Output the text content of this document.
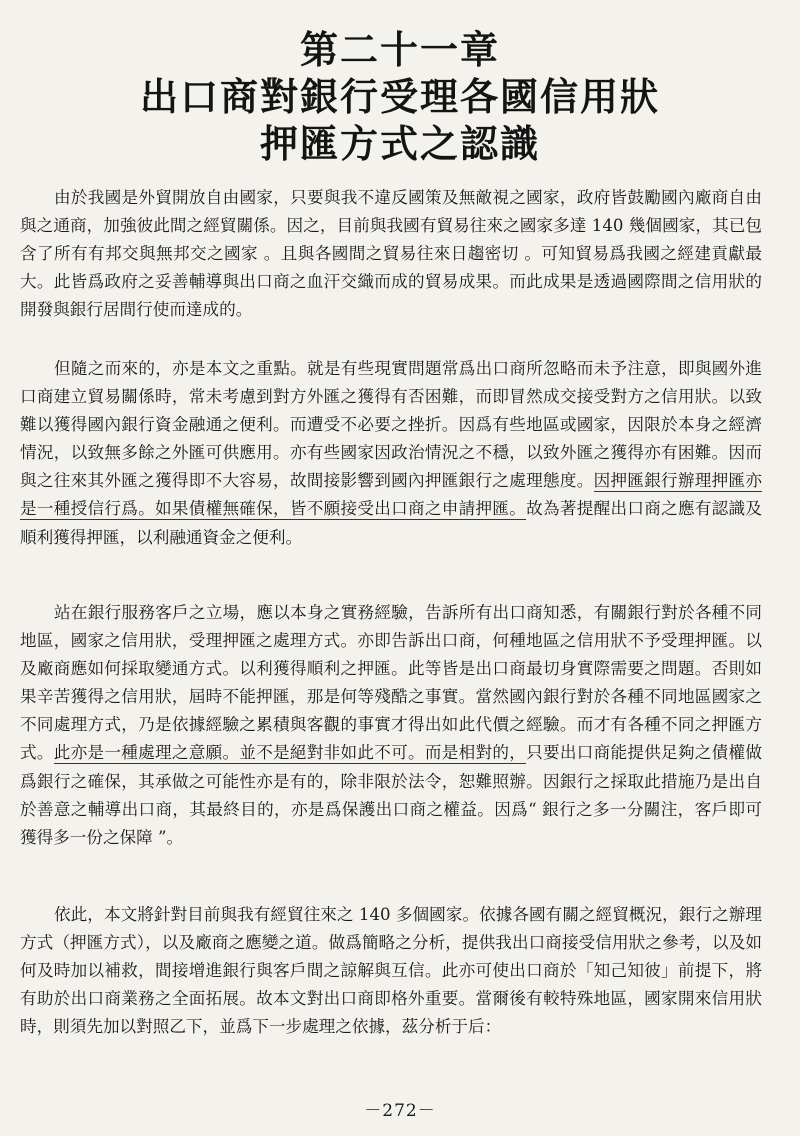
第二十一章
出口商對銀行受理各國信用狀
押匯方式之認識

由於我國是外貿開放自由國家，只要與我不違反國策及無敵視之國家，政府皆鼓勵國內廠商自由與之通商，加強彼此間之經貿關係。因之，目前與我國有貿易往來之國家多達 140 幾個國家，其已包含了所有有邦交與無邦交之國家 。且與各國間之貿易往來日趨密切 。可知貿易爲我國之經建貢獻最大。此皆爲政府之妥善輔導與出口商之血汗交織而成的貿易成果。而此成果是透過國際間之信用狀的開發與銀行居間行使而達成的。

但隨之而來的，亦是本文之重點。就是有些現實問題常爲出口商所忽略而未予注意，即與國外進口商建立貿易關係時，常未考慮到對方外匯之獲得有否困難，而即冒然成交接受對方之信用狀。以致難以獲得國內銀行資金融通之便利。而遭受不必要之挫折。因爲有些地區或國家，因限於本身之經濟情況，以致無多餘之外匯可供應用。亦有些國家因政治情況之不穩，以致外匯之獲得亦有困難。因而與之往來其外匯之獲得即不大容易，故間接影響到國內押匯銀行之處理態度。因押匯銀行辦理押匯亦是一種授信行爲。如果債權無確保，皆不願接受出口商之申請押匯。故為著提醒出口商之應有認識及順利獲得押匯，以利融通資金之便利。

站在銀行服務客戶之立場，應以本身之實務經驗，告訴所有出口商知悉，有關銀行對於各種不同地區，國家之信用狀，受理押匯之處理方式。亦即告訴出口商，何種地區之信用狀不予受理押匯。以及廠商應如何採取變通方式。以利獲得順利之押匯。此等皆是出口商最切身實際需要之問題。否則如果辛苦獲得之信用狀，屆時不能押匯，那是何等殘酷之事實。當然國內銀行對於各種不同地區國家之不同處理方式，乃是依據經驗之累積與客觀的事實才得出如此代價之經驗。而才有各種不同之押匯方式。此亦是一種處理之意願。並不是絕對非如此不可。而是相對的，只要出口商能提供足夠之債權做爲銀行之確保，其承做之可能性亦是有的，除非限於法令，恕難照辦。因銀行之採取此措施乃是出自於善意之輔導出口商，其最終目的，亦是爲保護出口商之權益。因爲“ 銀行之多一分關注，客戶即可獲得多一份之保障 ”。

依此，本文將針對目前與我有經貿往來之 140 多個國家。依據各國有關之經貿概況，銀行之辦理方式（押匯方式），以及廠商之應變之道。做爲簡略之分析，提供我出口商接受信用狀之參考，以及如何及時加以補救，間接增進銀行與客戶間之諒解與互信。此亦可使出口商於「知己知彼」前提下，將有助於出口商業務之全面拓展。故本文對出口商即格外重要。當爾後有較特殊地區，國家開來信用狀時，則須先加以對照乙下，並爲下一步處理之依據，茲分析于后：

－272－
